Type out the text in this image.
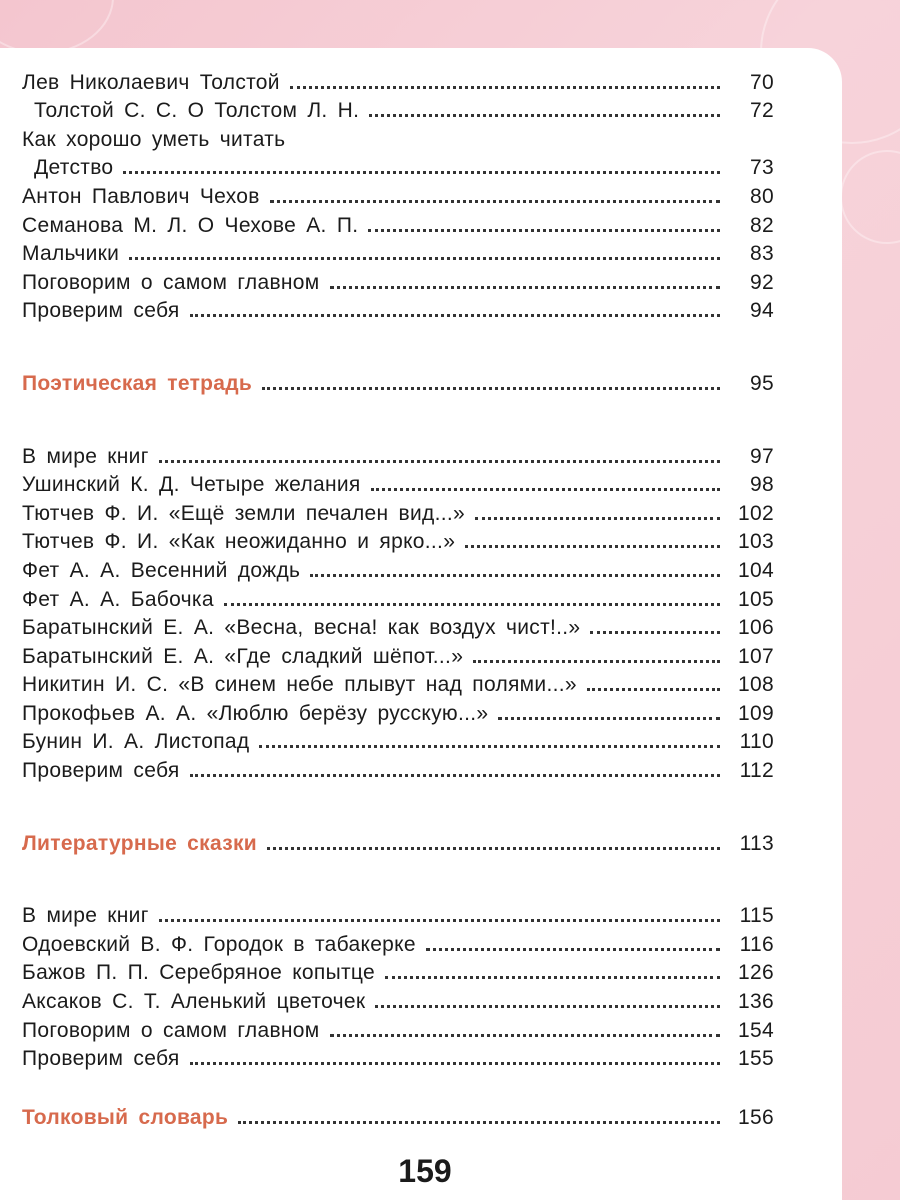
Лев Николаевич Толстой	70
Толстой С. С. О Толстом Л. Н.	72
Как хорошо уметь читать
Детство	73
Антон Павлович Чехов	80
Семанова М. Л. О Чехове А. П.	82
Мальчики	83
Поговорим о самом главном	92
Проверим себя	94
Поэтическая тетрадь	95
В мире книг	97
Ушинский К. Д. Четыре желания	98
Тютчев Ф. И. «Ещё земли печален вид...»	102
Тютчев Ф. И. «Как неожиданно и ярко...»	103
Фет А. А. Весенний дождь	104
Фет А. А. Бабочка	105
Баратынский Е. А. «Весна, весна! как воздух чист!..»	106
Баратынский Е. А. «Где сладкий шёпот...»	107
Никитин И. С. «В синем небе плывут над полями...»	108
Прокофьев А. А. «Люблю берёзу русскую...»	109
Бунин И. А. Листопад	110
Проверим себя	112
Литературные сказки	113
В мире книг	115
Одоевский В. Ф. Городок в табакерке	116
Бажов П. П. Серебряное копытце	126
Аксаков С. Т. Аленький цветочек	136
Поговорим о самом главном	154
Проверим себя	155
Толковый словарь	156
159
